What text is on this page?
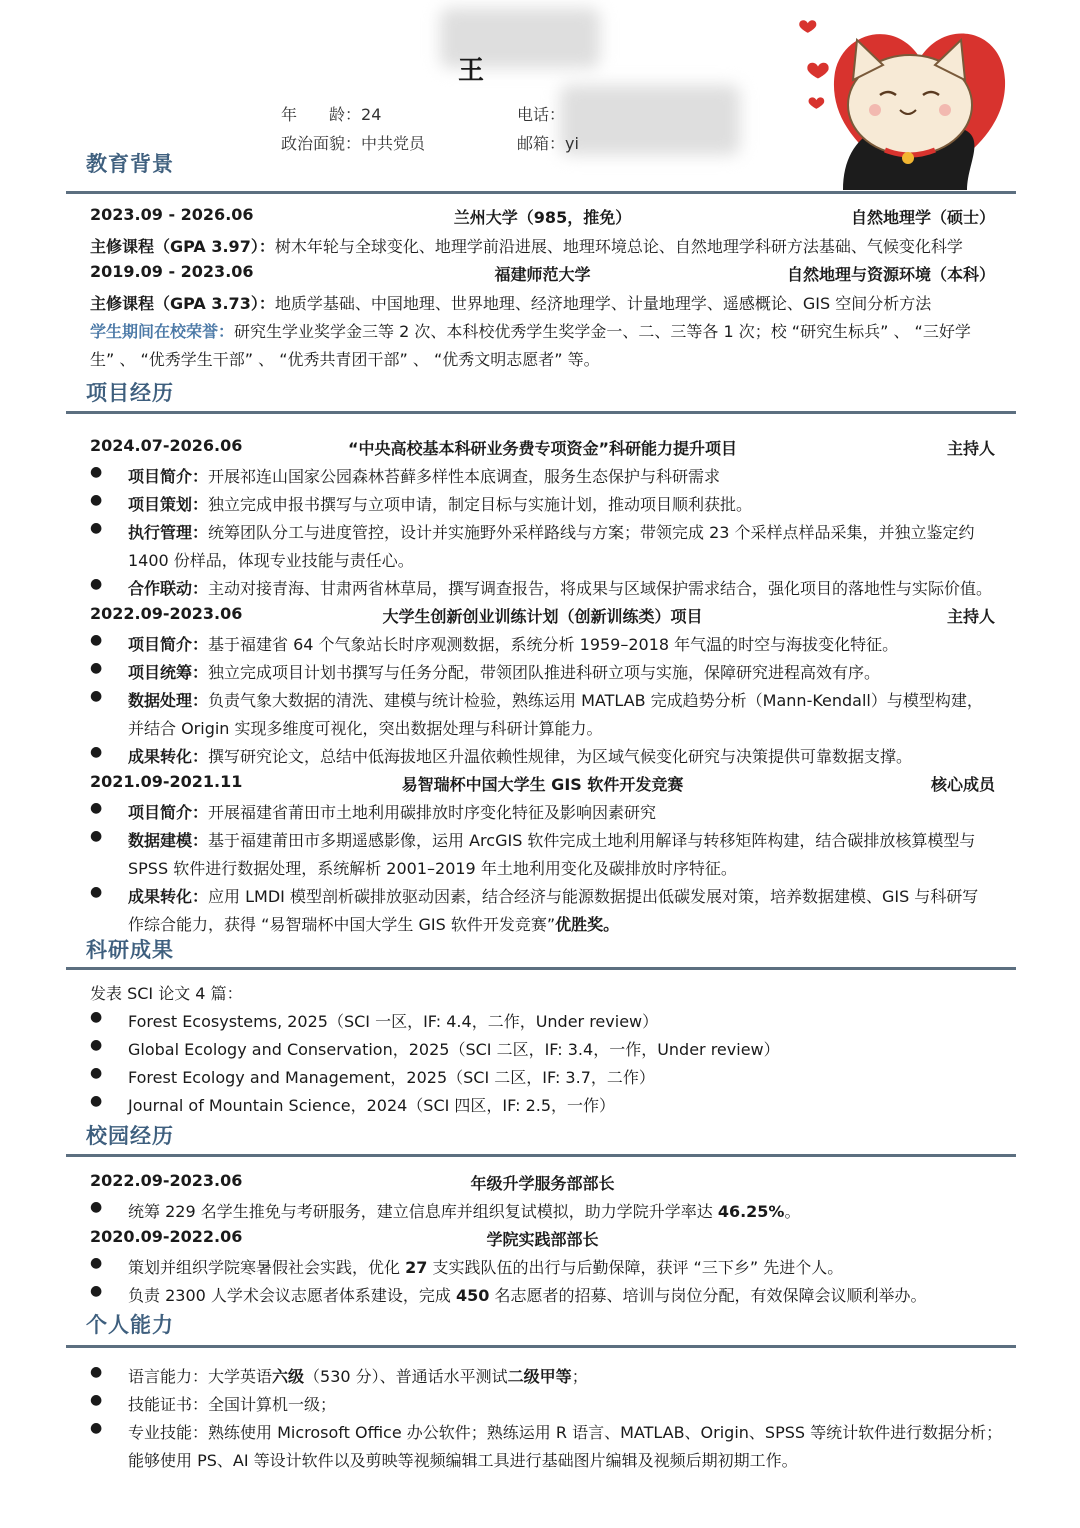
王
年　　龄：24
政治面貌：中共党员
电话：
邮箱：yi
教育背景
2023.09 - 2026.06	兰州大学（985，推免）	自然地理学（硕士）
主修课程（GPA 3.97）：树木年轮与全球变化、地理学前沿进展、地理环境总论、自然地理学科研方法基础、气候变化科学
2019.09 - 2023.06	福建师范大学	自然地理与资源环境（本科）
主修课程（GPA 3.73）：地质学基础、中国地理、世界地理、经济地理学、计量地理学、遥感概论、GIS 空间分析方法
学生期间在校荣誉：研究生学业奖学金三等 2 次、本科校优秀学生奖学金一、二、三等各 1 次；校 “研究生标兵” 、 “三好学
生” 、 “优秀学生干部” 、 “优秀共青团干部” 、 “优秀文明志愿者” 等。
项目经历
2024.07-2026.06	“中央高校基本科研业务费专项资金”科研能力提升项目	主持人
● 项目简介：开展祁连山国家公园森林苔藓多样性本底调查，服务生态保护与科研需求
● 项目策划：独立完成申报书撰写与立项申请，制定目标与实施计划，推动项目顺利获批。
● 执行管理：统筹团队分工与进度管控，设计并实施野外采样路线与方案；带领完成 23 个采样点样品采集，并独立鉴定约
1400 份样品，体现专业技能与责任心。
● 合作联动：主动对接青海、甘肃两省林草局，撰写调查报告，将成果与区域保护需求结合，强化项目的落地性与实际价值。
2022.09-2023.06	大学生创新创业训练计划（创新训练类）项目	主持人
● 项目简介：基于福建省 64 个气象站长时序观测数据，系统分析 1959–2018 年气温的时空与海拔变化特征。
● 项目统筹：独立完成项目计划书撰写与任务分配，带领团队推进科研立项与实施，保障研究进程高效有序。
● 数据处理：负责气象大数据的清洗、建模与统计检验，熟练运用 MATLAB 完成趋势分析（Mann-Kendall）与模型构建，
并结合 Origin 实现多维度可视化，突出数据处理与科研计算能力。
● 成果转化：撰写研究论文，总结中低海拔地区升温依赖性规律，为区域气候变化研究与决策提供可靠数据支撑。
2021.09-2021.11	易智瑞杯中国大学生 GIS 软件开发竞赛	核心成员
● 项目简介：开展福建省莆田市土地利用碳排放时序变化特征及影响因素研究
● 数据建模：基于福建莆田市多期遥感影像，运用 ArcGIS 软件完成土地利用解译与转移矩阵构建，结合碳排放核算模型与
SPSS 软件进行数据处理，系统解析 2001–2019 年土地利用变化及碳排放时序特征。
● 成果转化：应用 LMDI 模型剖析碳排放驱动因素，结合经济与能源数据提出低碳发展对策，培养数据建模、GIS 与科研写
作综合能力，获得 “易智瑞杯中国大学生 GIS 软件开发竞赛”优胜奖。
科研成果
发表 SCI 论文 4 篇：
● Forest Ecosystems, 2025（SCI 一区，IF: 4.4，二作，Under review）
● Global Ecology and Conservation，2025（SCI 二区，IF: 3.4，一作，Under review）
● Forest Ecology and Management，2025（SCI 二区，IF: 3.7，二作）
● Journal of Mountain Science，2024（SCI 四区，IF: 2.5，一作）
校园经历
2022.09-2023.06	年级升学服务部部长
● 统筹 229 名学生推免与考研服务，建立信息库并组织复试模拟，助力学院升学率达 46.25%。
2020.09-2022.06	学院实践部部长
● 策划并组织学院寒暑假社会实践，优化 27 支实践队伍的出行与后勤保障，获评 “三下乡” 先进个人。
● 负责 2300 人学术会议志愿者体系建设，完成 450 名志愿者的招募、培训与岗位分配，有效保障会议顺利举办。
个人能力
● 语言能力：大学英语六级（530 分）、普通话水平测试二级甲等；
● 技能证书：全国计算机一级；
● 专业技能：熟练使用 Microsoft Office 办公软件；熟练运用 R 语言、MATLAB、Origin、SPSS 等统计软件进行数据分析；
能够使用 PS、AI 等设计软件以及剪映等视频编辑工具进行基础图片编辑及视频后期初期工作。
